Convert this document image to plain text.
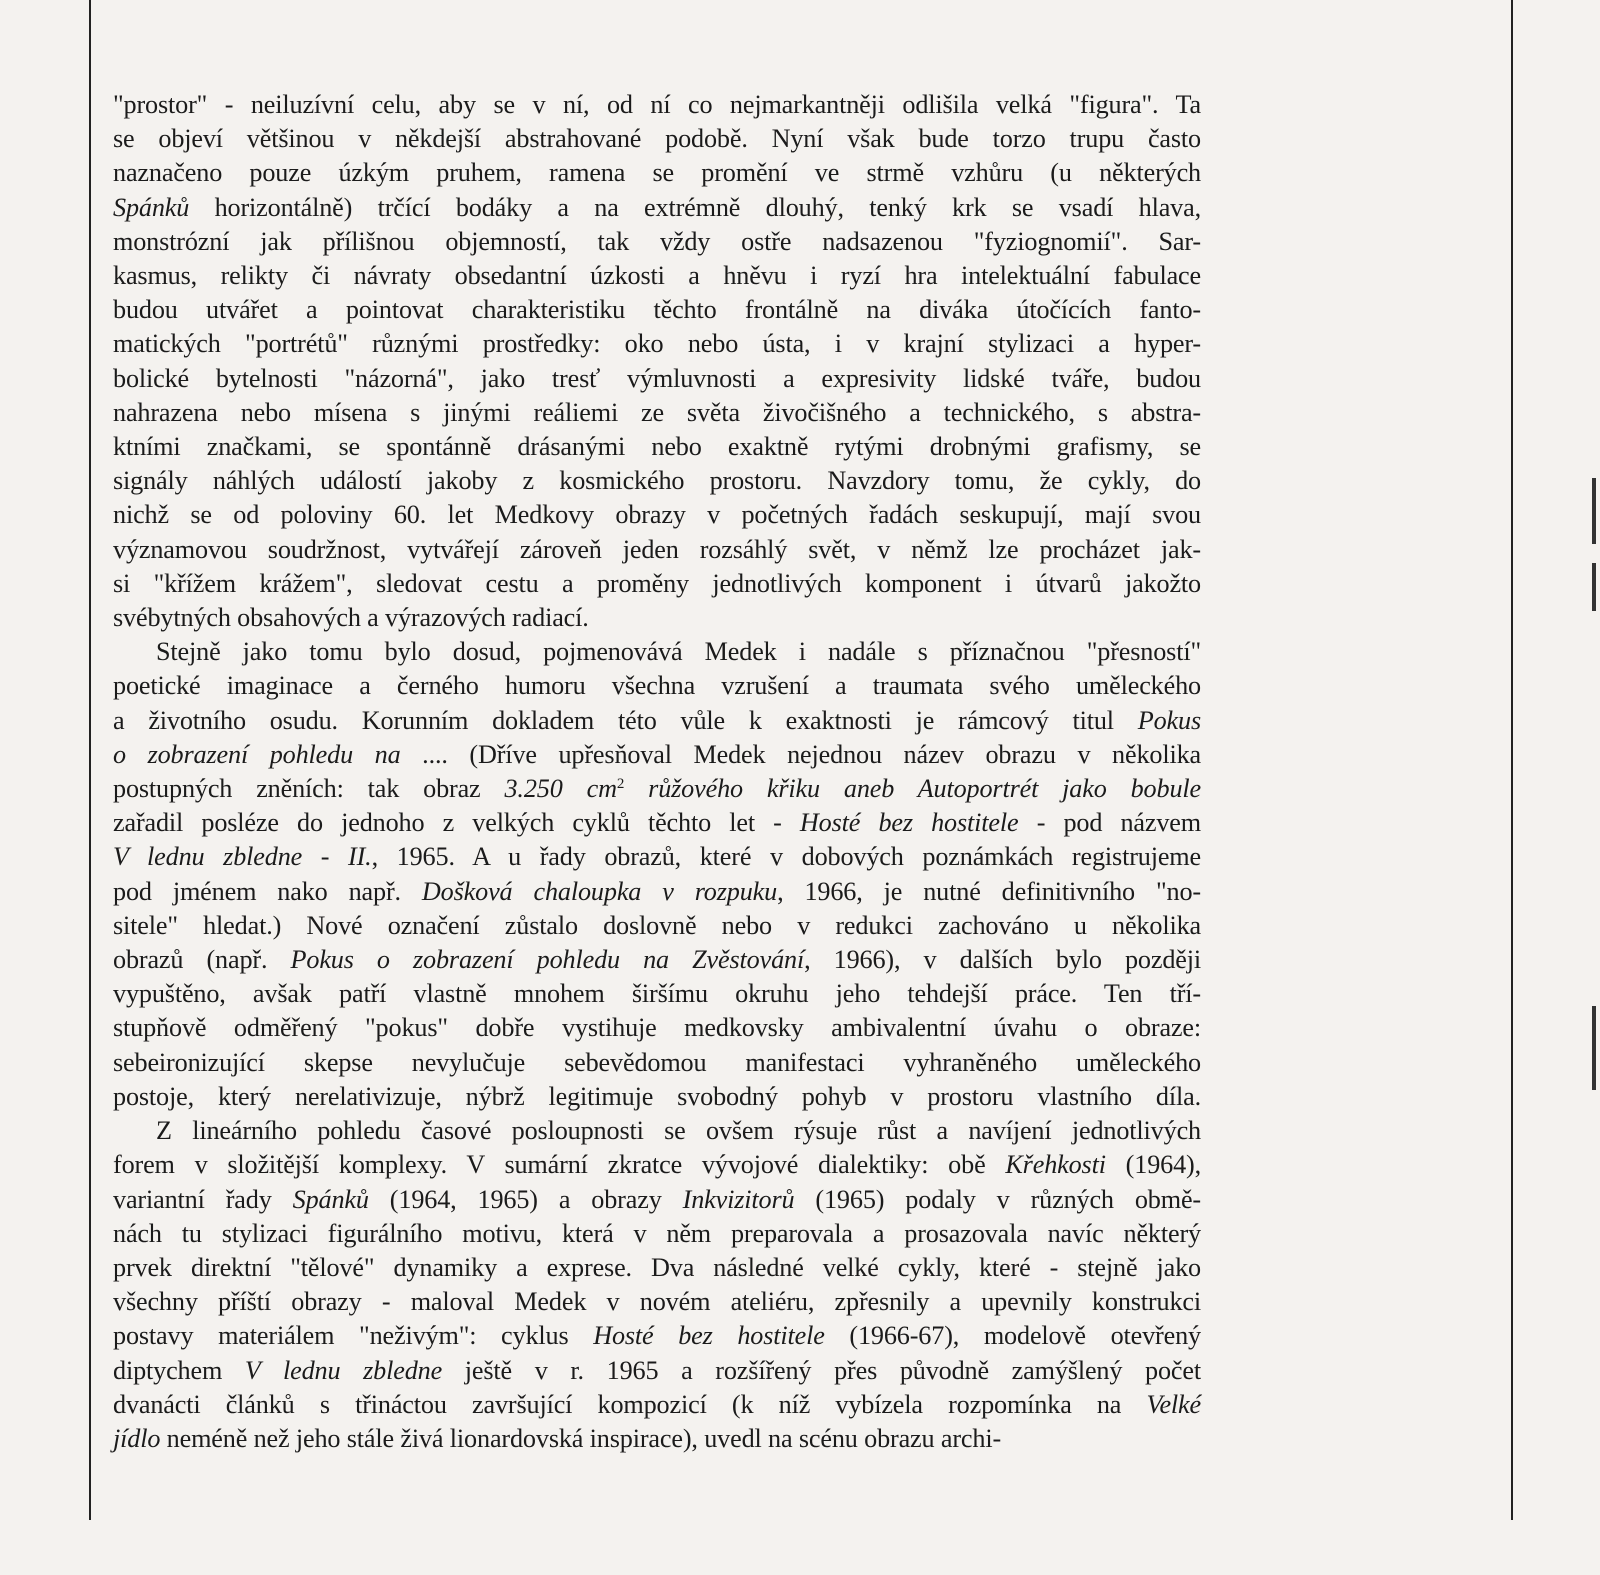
"prostor" - neiluzívní celu, aby se v ní, od ní co nejmarkantněji odlišila velká "figura". Ta
se objeví většinou v někdejší abstrahované podobě. Nyní však bude torzo trupu často
naznačeno pouze úzkým pruhem, ramena se promění ve strmě vzhůru (u některých
Spánků horizontálně) trčící bodáky a na extrémně dlouhý, tenký krk se vsadí hlava,
monstrózní jak přílišnou objemností, tak vždy ostře nadsazenou "fyziognomií". Sar-
kasmus, relikty či návraty obsedantní úzkosti a hněvu i ryzí hra intelektuální fabulace
budou utvářet a pointovat charakteristiku těchto frontálně na diváka útočících fanto-
matických "portrétů" různými prostředky: oko nebo ústa, i v krajní stylizaci a hyper-
bolické bytelnosti "názorná", jako tresť výmluvnosti a expresivity lidské tváře, budou
nahrazena nebo mísena s jinými reáliemi ze světa živočišného a technického, s abstra-
ktními značkami, se spontánně drásanými nebo exaktně rytými drobnými grafismy, se
signály náhlých událostí jakoby z kosmického prostoru. Navzdory tomu, že cykly, do
nichž se od poloviny 60. let Medkovy obrazy v početných řadách seskupují, mají svou
významovou soudržnost, vytvářejí zároveň jeden rozsáhlý svět, v němž lze procházet jak-
si "křížem krážem", sledovat cestu a proměny jednotlivých komponent i útvarů jakožto
svébytných obsahových a výrazových radiací.
Stejně jako tomu bylo dosud, pojmenovává Medek i nadále s příznačnou "přesností"
poetické imaginace a černého humoru všechna vzrušení a traumata svého uměleckého
a životního osudu. Korunním dokladem této vůle k exaktnosti je rámcový titul Pokus
o zobrazení pohledu na .... (Dříve upřesňoval Medek nejednou název obrazu v několika
postupných zněních: tak obraz 3.250 $cm^2$ růžového křiku aneb Autoportrét jako bobule
zařadil posléze do jednoho z velkých cyklů těchto let - Hosté bez hostitele - pod názvem
V lednu zbledne - II., 1965. A u řady obrazů, které v dobových poznámkách registrujeme
pod jménem nako např. Došková chaloupka v rozpuku, 1966, je nutné definitivního "no-
sitele" hledat.) Nové označení zůstalo doslovně nebo v redukci zachováno u několika
obrazů (např. Pokus o zobrazení pohledu na Zvěstování, 1966), v dalších bylo později
vypuštěno, avšak patří vlastně mnohem širšímu okruhu jeho tehdejší práce. Ten tří-
stupňově odměřený "pokus" dobře vystihuje medkovsky ambivalentní úvahu o obraze:
sebeironizující skepse nevylučuje sebevědomou manifestaci vyhraněného uměleckého
postoje, který nerelativizuje, nýbrž legitimuje svobodný pohyb v prostoru vlastního díla.
Z lineárního pohledu časové posloupnosti se ovšem rýsuje růst a navíjení jednotlivých
forem v složitější komplexy. V sumární zkratce vývojové dialektiky: obě Křehkosti (1964),
variantní řady Spánků (1964, 1965) a obrazy Inkvizitorů (1965) podaly v různých obmě-
nách tu stylizaci figurálního motivu, která v něm preparovala a prosazovala navíc některý
prvek direktní "tělové" dynamiky a exprese. Dva následné velké cykly, které - stejně jako
všechny příští obrazy - maloval Medek v novém ateliéru, zpřesnily a upevnily konstrukci
postavy materiálem "neživým": cyklus Hosté bez hostitele (1966-67), modelově otevřený
diptychem V lednu zbledne ještě v r. 1965 a rozšířený přes původně zamýšlený počet
dvanácti článků s třináctou završující kompozicí (k níž vybízela rozpomínka na Velké
jídlo neméně než jeho stále živá lionardovská inspirace), uvedl na scénu obrazu archi-
